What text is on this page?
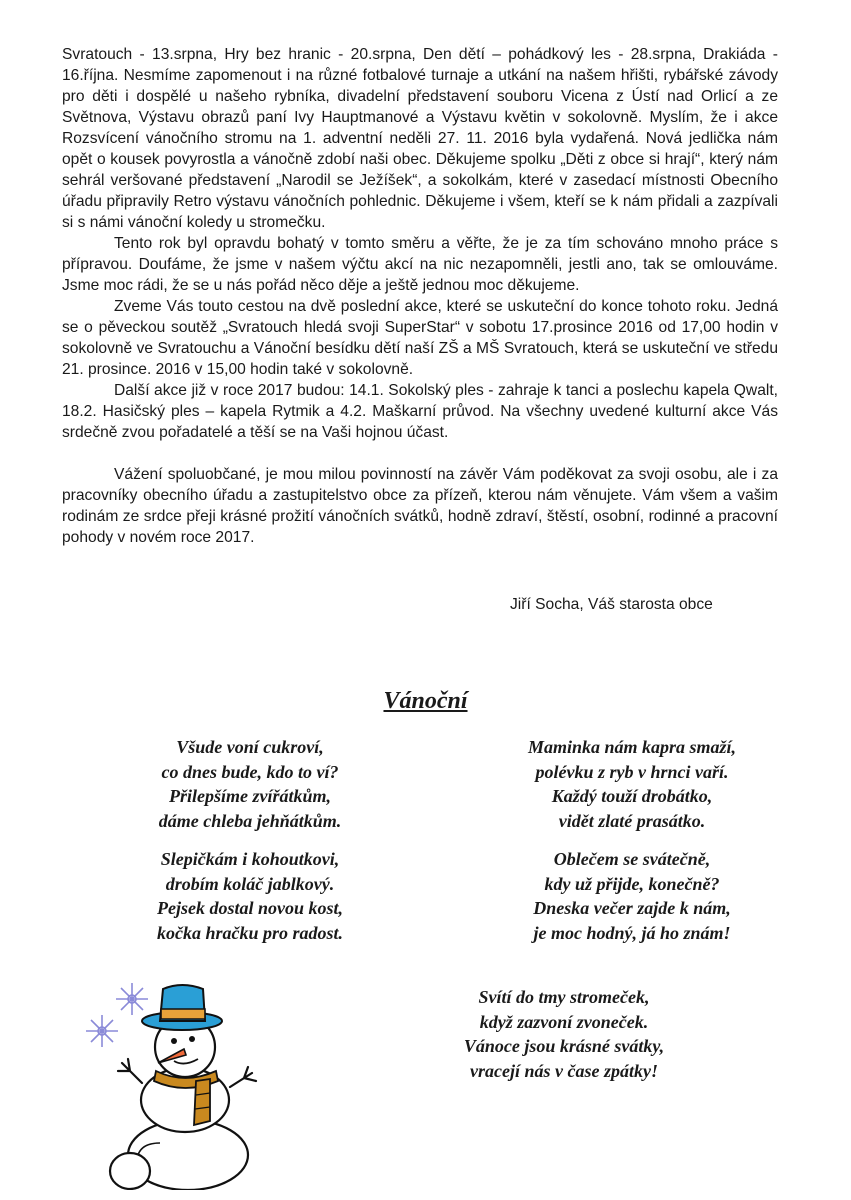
Svratouch - 13.srpna, Hry bez hranic - 20.srpna, Den dětí – pohádkový les - 28.srpna, Drakiáda - 16.října. Nesmíme zapomenout i na různé fotbalové turnaje a utkání na našem hřišti, rybářské závody pro děti i dospělé u našeho rybníka, divadelní představení souboru Vicena z Ústí nad Orlicí a ze Světnova, Výstavu obrazů paní Ivy Hauptmanové a Výstavu květin v sokolovně. Myslím, že i akce Rozsvícení vánočního stromu na 1. adventní neděli 27. 11. 2016 byla vydařená. Nová jedlička nám opět o kousek povyrostla a vánočně zdobí naši obec. Děkujeme spolku „Děti z obce si hrají“, který nám sehrál veršované představení „Narodil se Ježíšek“, a sokolkám, které v zasedací místnosti Obecního úřadu připravily Retro výstavu vánočních pohlednic. Děkujeme i všem, kteří se k nám přidali a zazpívali si s námi vánoční koledy u stromečku.

Tento rok byl opravdu bohatý v tomto směru a věřte, že je za tím schováno mnoho práce s přípravou. Doufáme, že jsme v našem výčtu akcí na nic nezapomněli, jestli ano, tak se omlouváme. Jsme moc rádi, že se u nás pořád něco děje a ještě jednou moc děkujeme.

Zveme Vás touto cestou na dvě poslední akce, které se uskuteční do konce tohoto roku. Jedná se o pěveckou soutěž „Svratouch hledá svoji SuperStar“ v sobotu 17.prosince 2016 od 17,00 hodin v sokolovně ve Svratouchu a Vánoční besídku dětí naší ZŠ a MŠ Svratouch, která se uskuteční ve středu 21. prosince. 2016 v 15,00 hodin také v sokolovně.

Další akce již v roce 2017 budou: 14.1. Sokolský ples - zahraje k tanci a poslechu kapela Qwalt, 18.2. Hasičský ples – kapela Rytmik a 4.2. Maškarní průvod. Na všechny uvedené kulturní akce Vás srdečně zvou pořadatelé a těší se na Vaši hojnou účast.

Vážení spoluobčané, je mou milou povinností na závěr Vám poděkovat za svoji osobu, ale i za pracovníky obecního úřadu a zastupitelstvo obce za přízeň, kterou nám věnujete. Vám všem a vašim rodinám ze srdce přeji krásné prožití vánočních svátků, hodně zdraví, štěstí, osobní, rodinné a pracovní pohody v novém roce 2017.

Jiří Socha, Váš starosta obce
Vánoční
Všude voní cukroví,
co dnes bude, kdo to ví?
Přilepšíme zvířátkům,
dáme chleba jehňátkům.
Slepičkám i kohoutkovi,
drobím koláč jablkový.
Pejsek dostal novou kost,
kočka hračku pro radost.
Maminka nám kapra smaží,
polévku z ryb v hrnci vaří.
Každý touží drobátko,
vidět zlaté prasátko.
Oblečem se svátečně,
kdy už přijde, konečně?
Dneska večer zajde k nám,
je moc hodný, já ho znám!
Svítí do tmy stromeček,
když zazvoní zvoneček.
Vánoce jsou krásné svátky,
vracejí nás v čase zpátky!
